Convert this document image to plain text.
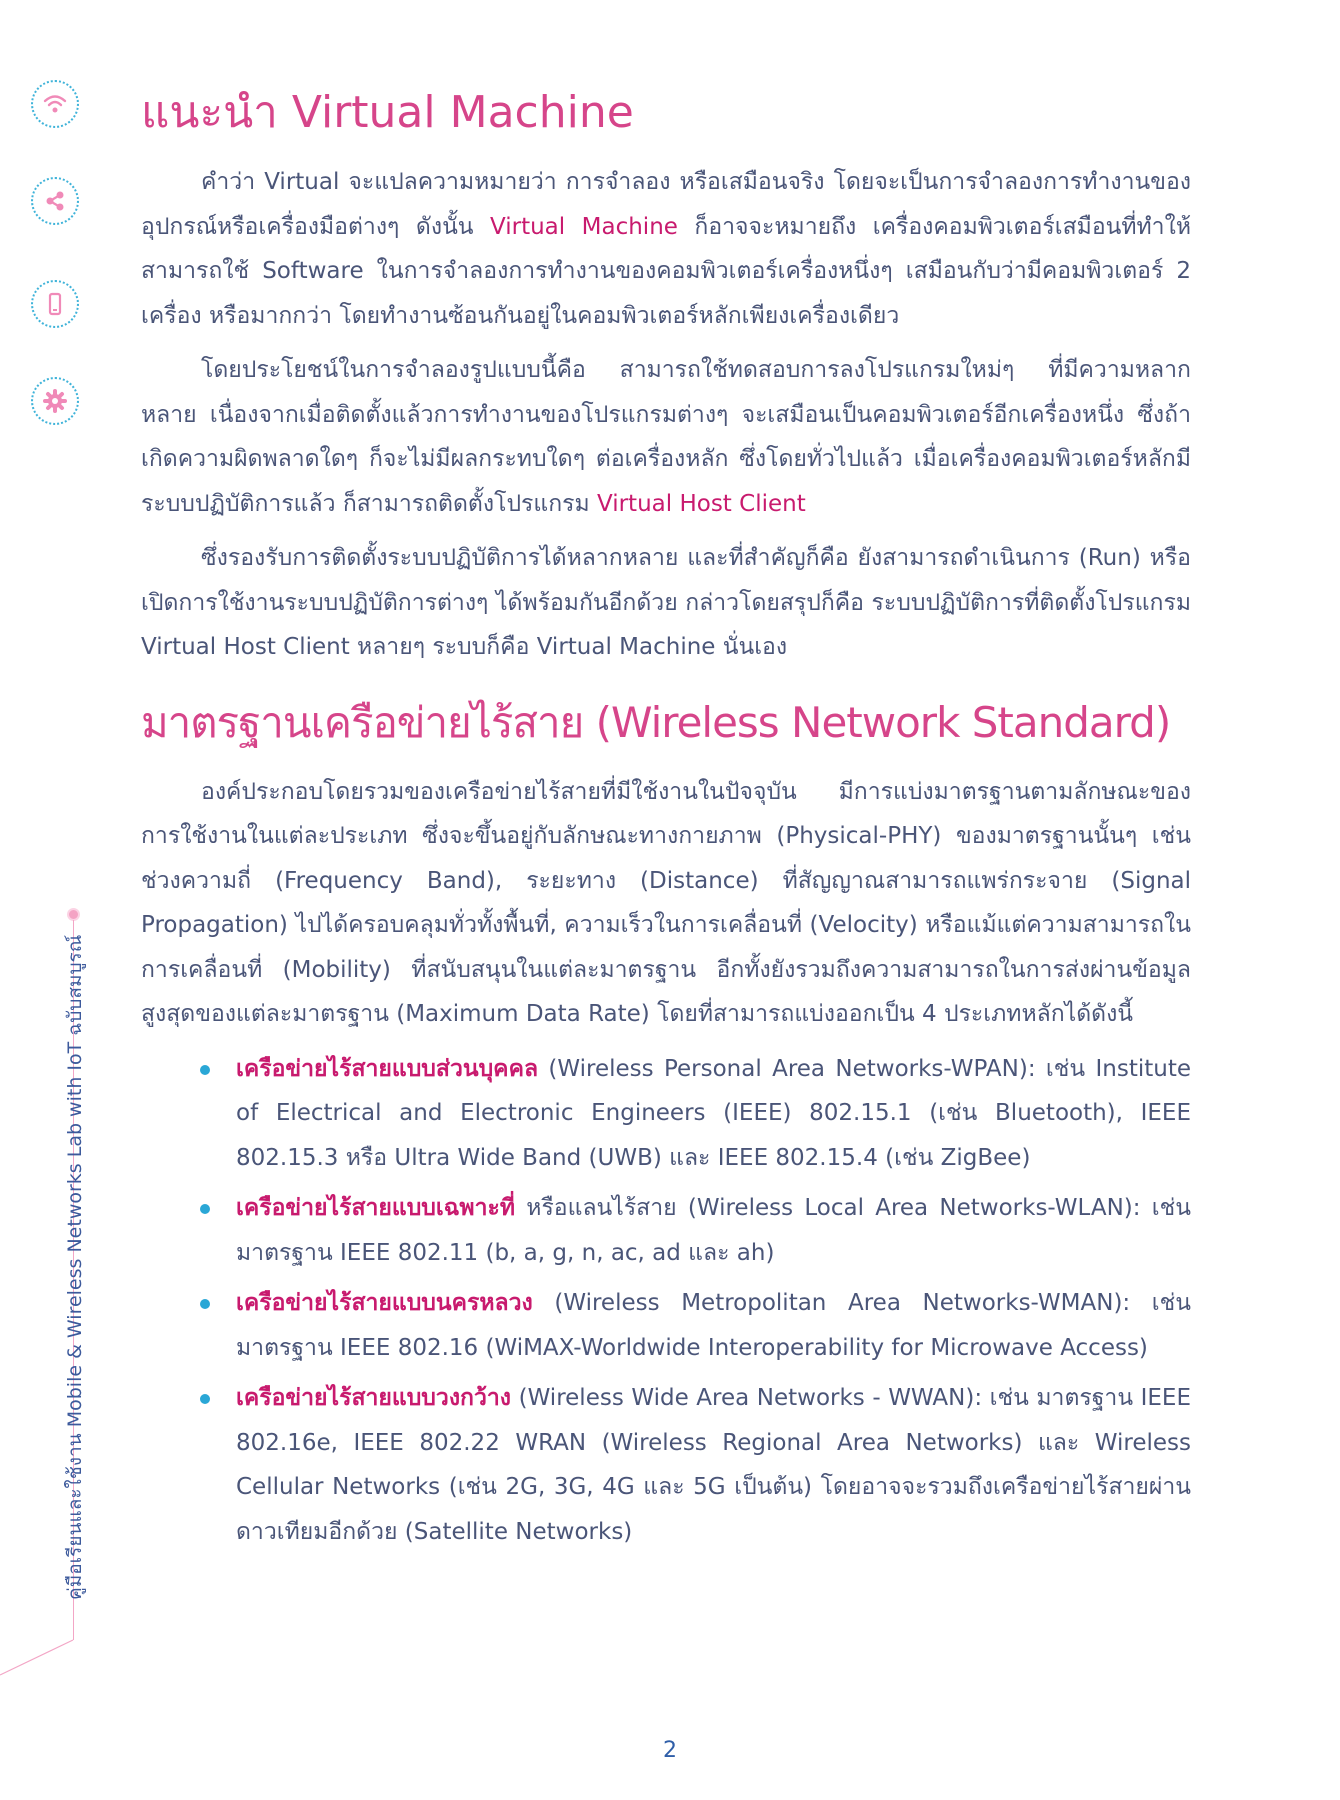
คู่มือเรียนและใช้งาน Mobile & Wireless Networks Lab with IoT ฉบับสมบูรณ์
แนะนำ Virtual Machine

คำว่า Virtual จะแปลความหมายว่า การจำลอง หรือเสมือนจริง โดยจะเป็นการจำลองการทำงานของอุปกรณ์หรือเครื่องมือต่างๆ ดังนั้น Virtual Machine ก็อาจจะหมายถึง เครื่องคอมพิวเตอร์เสมือนที่ทำให้สามารถใช้ Software ในการจำลองการทำงานของคอมพิวเตอร์เครื่องหนึ่งๆ เสมือนกับว่ามีคอมพิวเตอร์ 2 เครื่อง หรือมากกว่า โดยทำงานซ้อนกันอยู่ในคอมพิวเตอร์หลักเพียงเครื่องเดียว

โดยประโยชน์ในการจำลองรูปแบบนี้คือ สามารถใช้ทดสอบการลงโปรแกรมใหม่ๆ ที่มีความหลากหลาย เนื่องจากเมื่อติดตั้งแล้วการทำงานของโปรแกรมต่างๆ จะเสมือนเป็นคอมพิวเตอร์อีกเครื่องหนึ่ง ซึ่งถ้าเกิดความผิดพลาดใดๆ ก็จะไม่มีผลกระทบใดๆ ต่อเครื่องหลัก ซึ่งโดยทั่วไปแล้ว เมื่อเครื่องคอมพิวเตอร์หลักมีระบบปฏิบัติการแล้ว ก็สามารถติดตั้งโปรแกรม Virtual Host Client

ซึ่งรองรับการติดตั้งระบบปฏิบัติการได้หลากหลาย และที่สำคัญก็คือ ยังสามารถดำเนินการ (Run) หรือเปิดการใช้งานระบบปฏิบัติการต่างๆ ได้พร้อมกันอีกด้วย กล่าวโดยสรุปก็คือ ระบบปฏิบัติการที่ติดตั้งโปรแกรม Virtual Host Client หลายๆ ระบบก็คือ Virtual Machine นั่นเอง

มาตรฐานเครือข่ายไร้สาย (Wireless Network Standard)

องค์ประกอบโดยรวมของเครือข่ายไร้สายที่มีใช้งานในปัจจุบัน มีการแบ่งมาตรฐานตามลักษณะของการใช้งานในแต่ละประเภท ซึ่งจะขึ้นอยู่กับลักษณะทางกายภาพ (Physical-PHY) ของมาตรฐานนั้นๆ เช่น ช่วงความถี่ (Frequency Band), ระยะทาง (Distance) ที่สัญญาณสามารถแพร่กระจาย (Signal Propagation) ไปได้ครอบคลุมทั่วทั้งพื้นที่, ความเร็วในการเคลื่อนที่ (Velocity) หรือแม้แต่ความสามารถในการเคลื่อนที่ (Mobility) ที่สนับสนุนในแต่ละมาตรฐาน อีกทั้งยังรวมถึงความสามารถในการส่งผ่านข้อมูลสูงสุดของแต่ละมาตรฐาน (Maximum Data Rate) โดยที่สามารถแบ่งออกเป็น 4 ประเภทหลักได้ดังนี้

เครือข่ายไร้สายแบบส่วนบุคคล (Wireless Personal Area Networks-WPAN): เช่น Institute of Electrical and Electronic Engineers (IEEE) 802.15.1 (เช่น Bluetooth), IEEE 802.15.3 หรือ Ultra Wide Band (UWB) และ IEEE 802.15.4 (เช่น ZigBee)
เครือข่ายไร้สายแบบเฉพาะที่ หรือแลนไร้สาย (Wireless Local Area Networks-WLAN): เช่น มาตรฐาน IEEE 802.11 (b, a, g, n, ac, ad และ ah)
เครือข่ายไร้สายแบบนครหลวง (Wireless Metropolitan Area Networks-WMAN): เช่น มาตรฐาน IEEE 802.16 (WiMAX-Worldwide Interoperability for Microwave Access)
เครือข่ายไร้สายแบบวงกว้าง (Wireless Wide Area Networks - WWAN): เช่น มาตรฐาน IEEE 802.16e, IEEE 802.22 WRAN (Wireless Regional Area Networks) และ Wireless Cellular Networks (เช่น 2G, 3G, 4G และ 5G เป็นต้น) โดยอาจจะรวมถึงเครือข่ายไร้สายผ่านดาวเทียมอีกด้วย (Satellite Networks)
2
